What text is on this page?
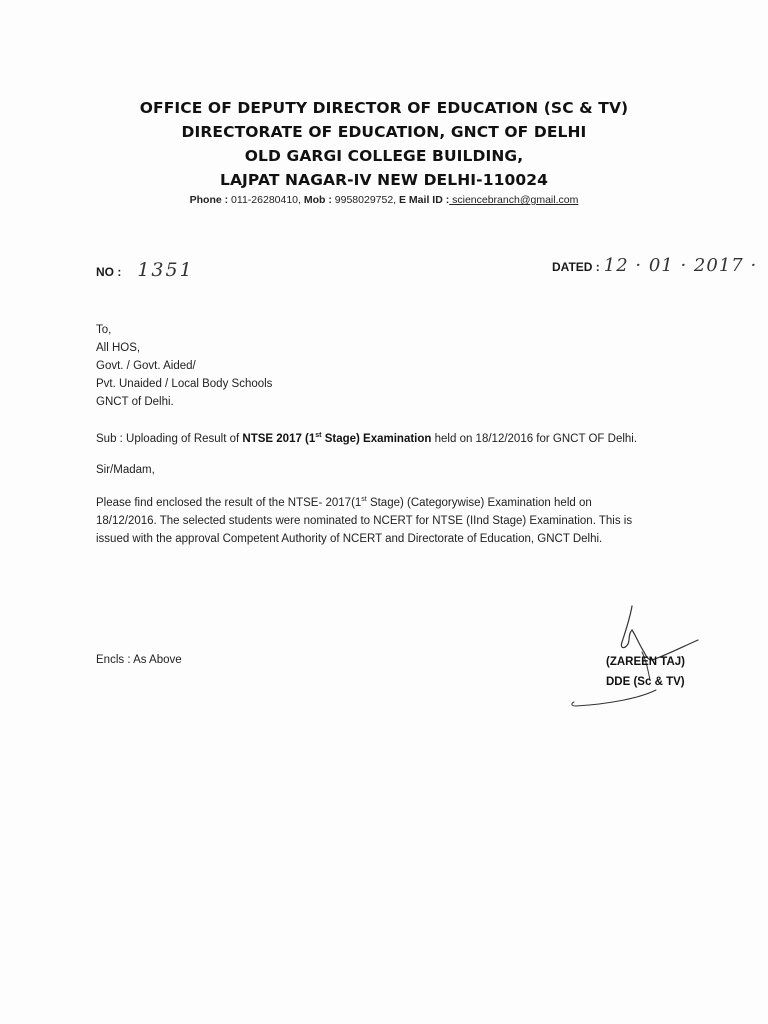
OFFICE OF DEPUTY DIRECTOR OF EDUCATION (SC & TV)
DIRECTORATE OF EDUCATION, GNCT OF DELHI
OLD GARGI COLLEGE BUILDING,
LAJPAT NAGAR-IV NEW DELHI-110024
Phone : 011-26280410, Mob : 9958029752, E Mail ID : sciencebranch@gmail.com
NO : 1351	DATED : 12 · 01 · 2017 ·
To,
All HOS,
Govt. / Govt. Aided/
Pvt. Unaided / Local Body Schools
GNCT of Delhi.
Sub : Uploading of Result of NTSE 2017 (1st Stage) Examination held on 18/12/2016 for GNCT OF Delhi.
Sir/Madam,
Please find enclosed the result of the NTSE- 2017(1st Stage) (Categorywise) Examination held on
18/12/2016. The selected students were nominated to NCERT for NTSE (IInd Stage) Examination. This is
issued with the approval Competent Authority of NCERT and Directorate of Education, GNCT Delhi.
Encls : As Above	(ZAREEN TAJ)
DDE (Sc & TV)
